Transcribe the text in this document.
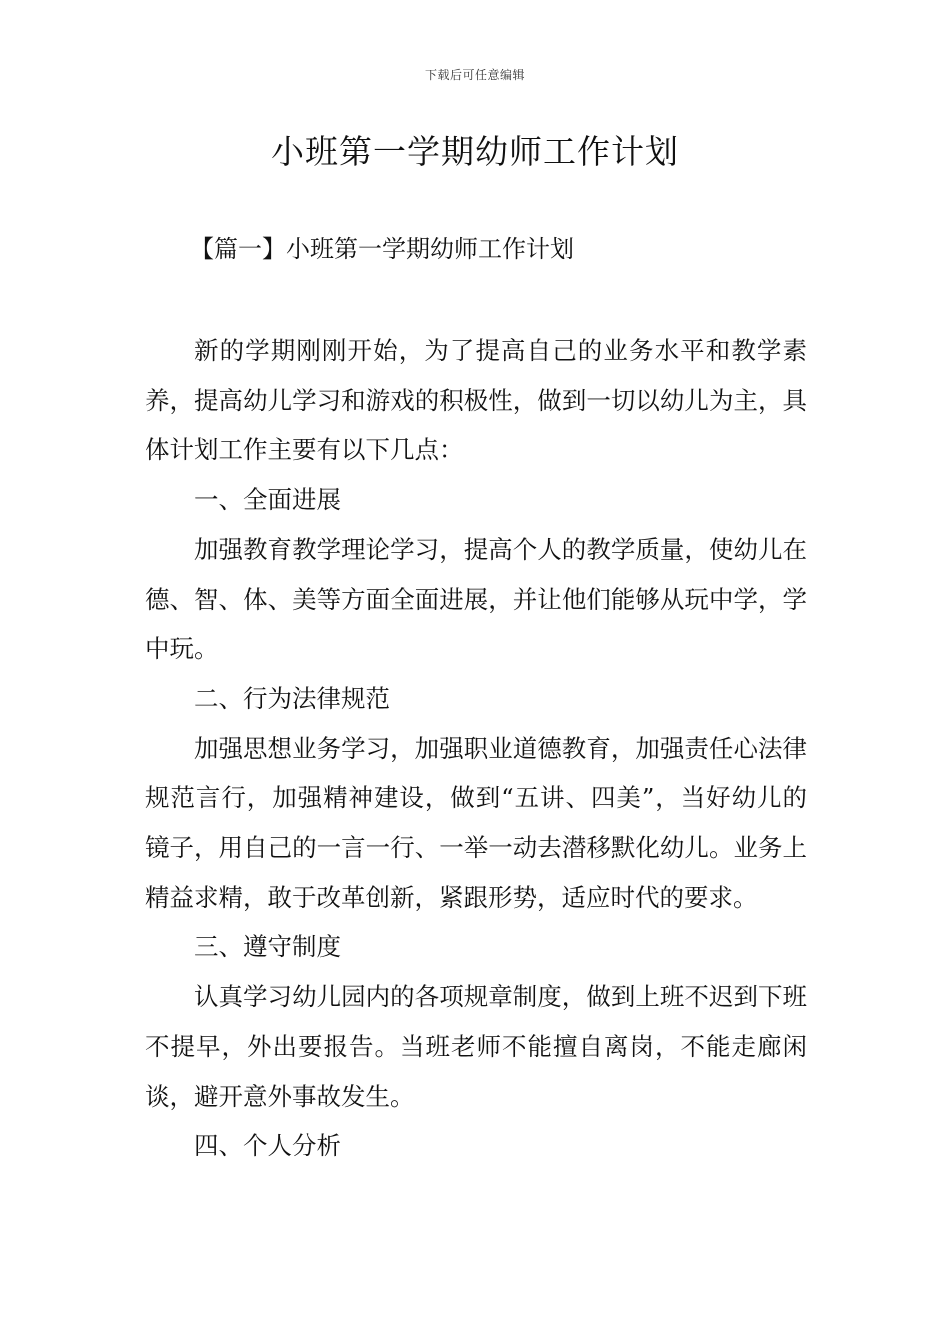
下载后可任意编辑
小班第一学期幼师工作计划
【篇一】小班第一学期幼师工作计划

新的学期刚刚开始，为了提高自己的业务水平和教学素养，提高幼儿学习和游戏的积极性，做到一切以幼儿为主，具体计划工作主要有以下几点：

一、全面进展

加强教育教学理论学习，提高个人的教学质量，使幼儿在德、智、体、美等方面全面进展，并让他们能够从玩中学，学中玩。

二、行为法律规范

加强思想业务学习，加强职业道德教育，加强责任心法律规范言行，加强精神建设，做到“五讲、四美”，当好幼儿的镜子，用自己的一言一行、一举一动去潜移默化幼儿。业务上精益求精，敢于改革创新，紧跟形势，适应时代的要求。

三、遵守制度

认真学习幼儿园内的各项规章制度，做到上班不迟到下班不提早，外出要报告。当班老师不能擅自离岗，不能走廊闲谈，避开意外事故发生。

四、个人分析
